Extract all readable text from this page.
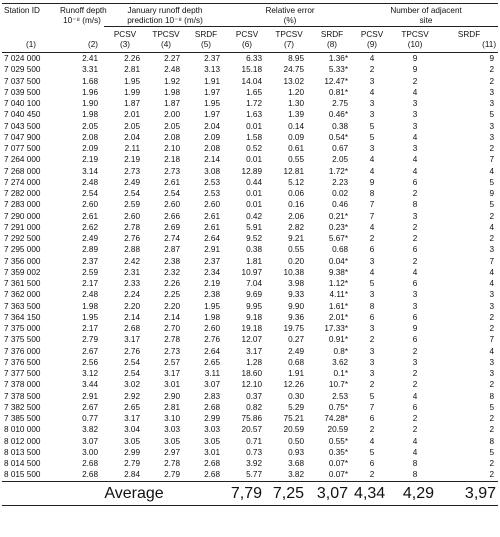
Station ID	Runoff depth
10⁻⁸ (m/s)	January runoff depth
prediction 10⁻⁸ (m/s)			Relative error
(%)			Number of adjacent
site		
		PCSV	TPCSV	SRDF	PCSV	TPCSV	SRDF	PCSV	TPCSV	SRDF
(1)	(2)	(3)	(4)	(5)	(6)	(7)	(8)	(9)	(10)	(11)
7 024 000	2.41	2.26	2.27	2.37	6.33	8.95	1.36*	4	9	9
7 029 500	3.31	2.81	2.48	3.13	15.18	24.75	5.33*	2	9	2
7 037 500	1.68	1.95	1.92	1.91	14.04	13.02	12.47*	3	2	2
7 039 500	1.96	1.99	1.98	1.97	1.65	1.20	0.81*	4	4	3
7 040 100	1.90	1.87	1.87	1.95	1.72	1.30	2.75	3	3	3
7 040 450	1.98	2.01	2.00	1.97	1.63	1.39	0.46*	3	3	5
7 043 500	2.05	2.05	2.05	2.04	0.01	0.14	0.38	5	3	3
7 047 900	2.08	2.04	2.08	2.09	1.58	0.09	0.54*	5	4	3
7 077 500	2.09	2.11	2.10	2.08	0.52	0.61	0.67	3	3	2
7 264 000	2.19	2.19	2.18	2.14	0.01	0.55	2.05	4	4	7
7 268 000	3.14	2.73	2.73	3.08	12.89	12.81	1.72*	4	4	4
7 274 000	2.48	2.49	2.61	2.53	0.44	5.12	2.23	9	6	5
7 282 000	2.54	2.54	2.54	2.53	0.01	0.06	0.02	8	2	9
7 283 000	2.60	2.59	2.60	2.60	0.01	0.16	0.46	7	8	5
7 290 000	2.61	2.60	2.66	2.61	0.42	2.06	0.21*	7	3	2
7 291 000	2.62	2.78	2.69	2.61	5.91	2.82	0.23*	4	2	4
7 292 500	2.49	2.76	2.74	2.64	9.52	9.21	5.67*	2	2	2
7 295 000	2.89	2.88	2.87	2.91	0.38	0.55	0.68	6	6	3
7 356 000	2.37	2.42	2.38	2.37	1.81	0.20	0.04*	3	2	7
7 359 002	2.59	2.31	2.32	2.34	10.97	10.38	9.38*	4	4	4
7 361 500	2.17	2.33	2.26	2.19	7.04	3.98	1.12*	5	6	4
7 362 000	2.48	2.24	2.25	2.38	9.69	9.33	4.11*	3	3	3
7 363 500	1.98	2.20	2.20	1.95	9.95	9.90	1.61*	8	3	3
7 364 150	1.95	2.14	2.14	1.98	9.18	9.36	2.01*	6	6	2
7 375 000	2.17	2.68	2.70	2.60	19.18	19.75	17.33*	3	9	2
7 375 500	2.79	3.17	2.78	2.76	12.07	0.27	0.91*	2	6	7
7 376 000	2.67	2.76	2.73	2.64	3.17	2.49	0.8*	3	2	4
7 376 500	2.56	2.54	2.57	2.65	1.28	0.68	3.62	3	3	3
7 377 500	3.12	2.54	3.17	3.11	18.60	1.91	0.1*	3	2	3
7 378 000	3.44	3.02	3.01	3.07	12.10	12.26	10.7*	2	2	2
7 378 500	2.91	2.92	2.90	2.83	0.37	0.30	2.53	5	4	8
7 382 500	2.67	2.65	2.81	2.68	0.82	5.29	0.75*	7	6	5
7 385 500	0.77	3.17	3.10	2.99	75.86	75.21	74.28*	6	2	2
8 010 000	3.82	3.04	3.03	3.03	20.57	20.59	20.59	2	2	2
8 012 000	3.07	3.05	3.05	3.05	0.71	0.50	0.55*	4	4	8
8 013 500	3.00	2.99	2.97	3.01	0.73	0.93	0.35*	5	4	5
8 014 500	2.68	2.79	2.78	2.68	3.92	3.68	0.07*	6	8	2
8 015 500	2.68	2.84	2.79	2.68	5.77	3.82	0.07*	2	8	2
Average					7,79	7,25	3,07	4,34	4,29	3,97
